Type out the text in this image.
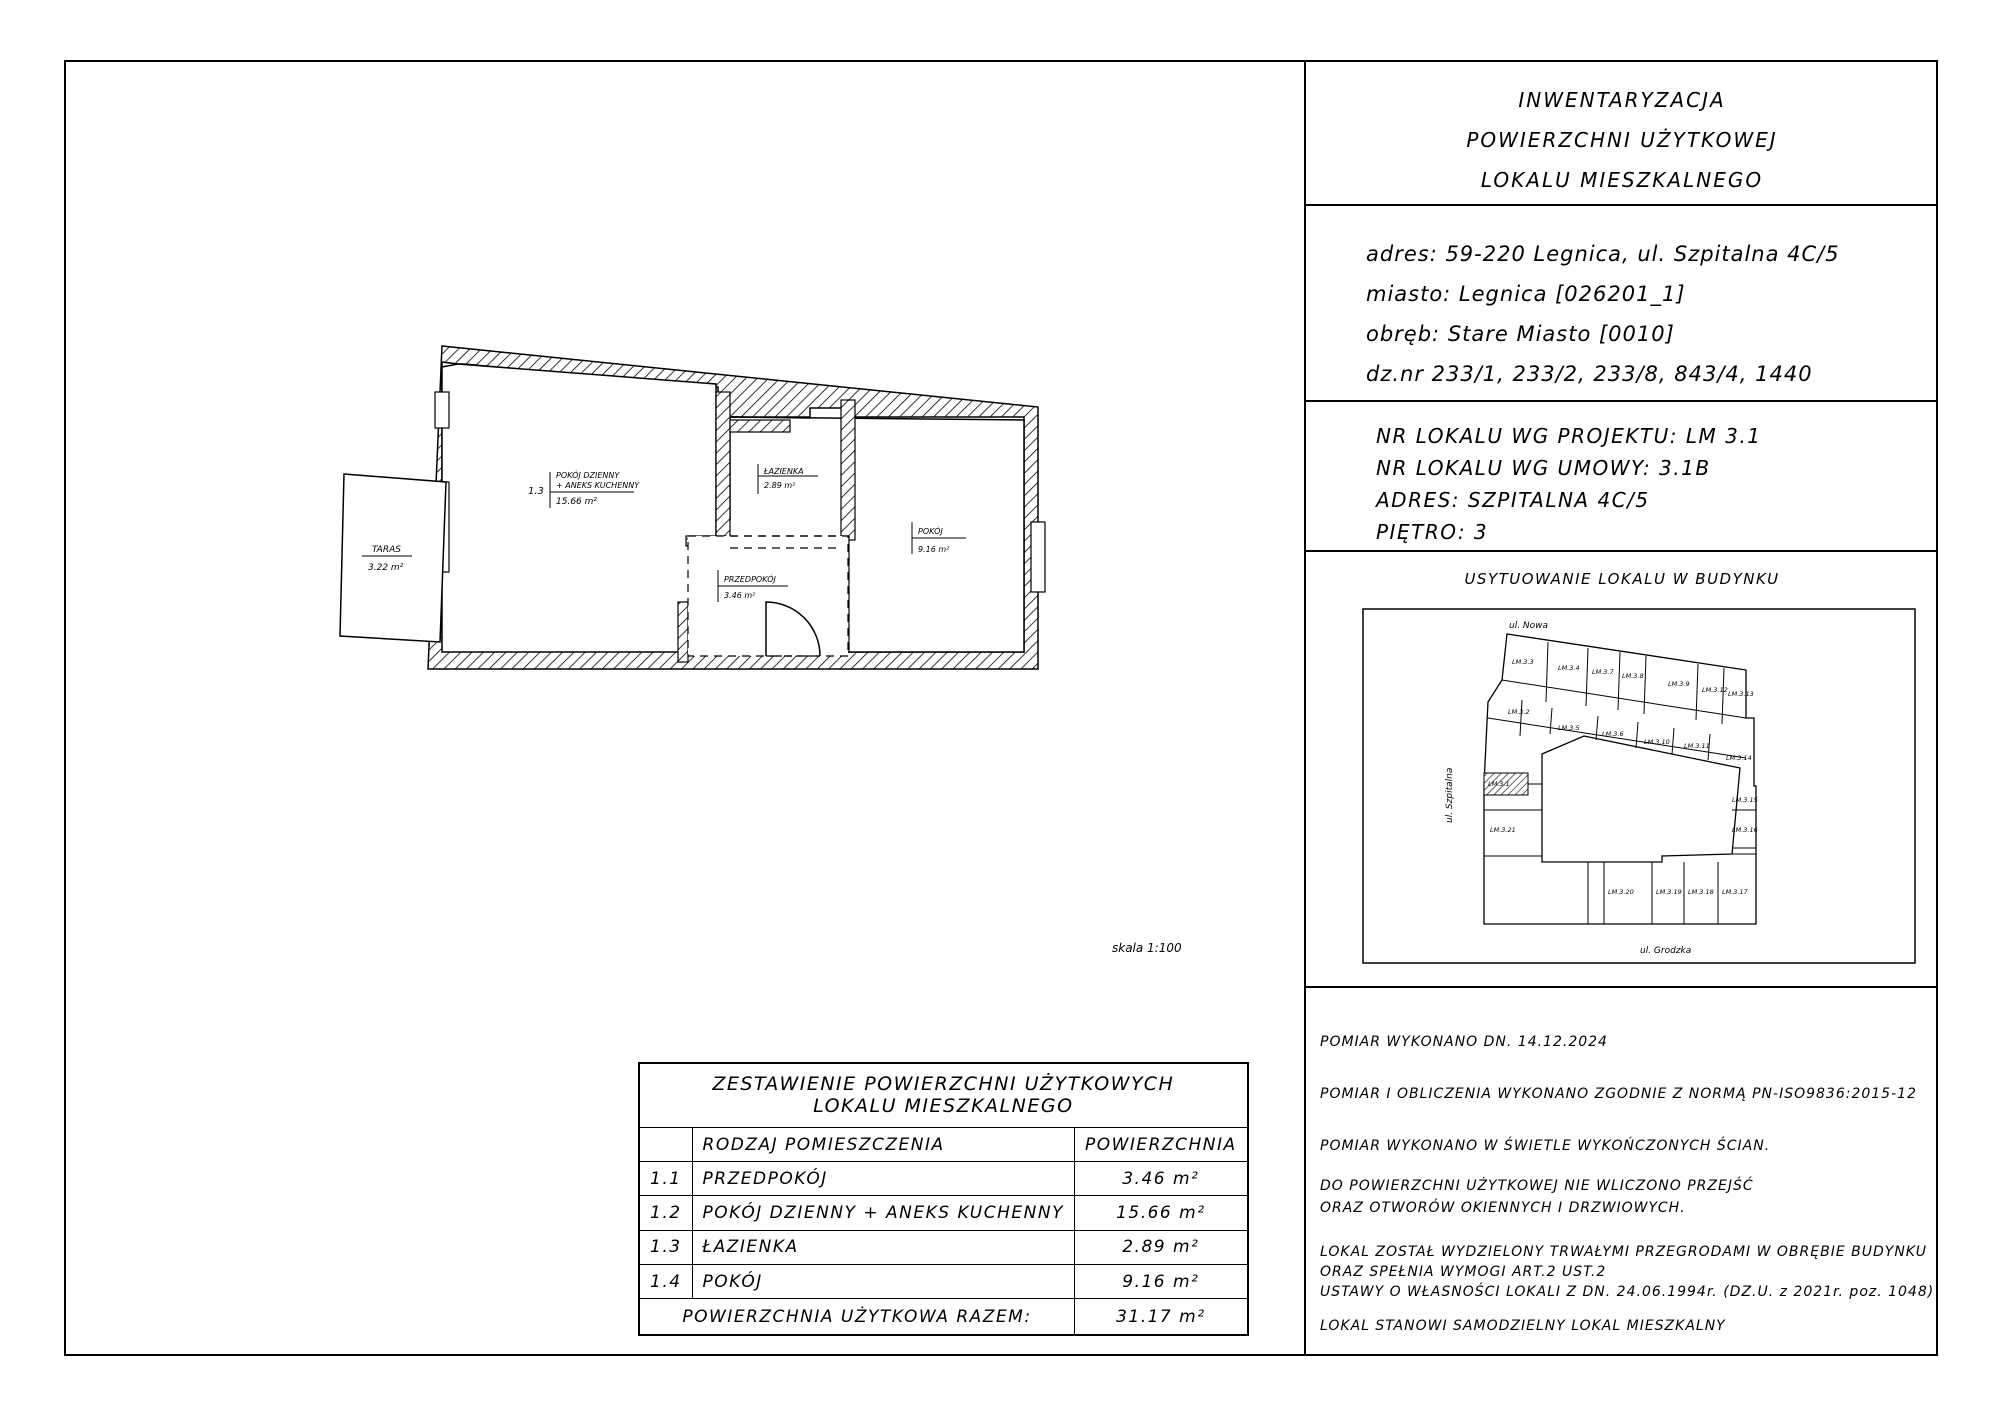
1.3
POKÓJ DZIENNY
+ ANEKS KUCHENNY
15.66 m²
ŁAZIENKA
2.89 m²
POKÓJ
9.16 m²
PRZEDPOKÓJ
3.46 m²
TARAS
3.22 m²
skala 1:100
ZESTAWIENIE POWIERZCHNI UŻYTKOWYCH
LOKALU MIESZKALNEGO		
	RODZAJ POMIESZCZENIA	POWIERZCHNIA
1.1	PRZEDPOKÓJ	3.46 m²
1.2	POKÓJ DZIENNY + ANEKS KUCHENNY	15.66 m²
1.3	ŁAZIENKA	2.89 m²
1.4	POKÓJ	9.16 m²
POWIERZCHNIA UŻYTKOWA RAZEM:		31.17 m²
INWENTARYZACJA
POWIERZCHNI UŻYTKOWEJ
LOKALU MIESZKALNEGO
adres: 59-220 Legnica, ul. Szpitalna 4C/5
miasto: Legnica [026201_1]
obręb: Stare Miasto [0010]
dz.nr 233/1, 233/2, 233/8, 843/4, 1440
NR LOKALU WG PROJEKTU: LM 3.1
NR LOKALU WG UMOWY: 3.1B
ADRES: SZPITALNA 4C/5
PIĘTRO: 3
USYTUOWANIE LOKALU W BUDYNKU
ul. Nowa
ul. Grodzka
ul. Szpitalna
LM.3.3
LM.3.4 LM.3.7 LM.3.8
LM.3.9
LM.3.12 LM.3.13
LM.3.2
LM.3.5
LM.3.6
LM.3.10 LM.3.11
LM.3.14
LM.3.1
LM.3.15
LM.3.21	LM.3.16
LM.3.20	LM.3.19 LM.3.18 LM.3.17
POMIAR WYKONANO DN. 14.12.2024
POMIAR I OBLICZENIA WYKONANO ZGODNIE Z NORMĄ PN-ISO9836:2015-12
POMIAR WYKONANO W ŚWIETLE WYKOŃCZONYCH ŚCIAN.
DO POWIERZCHNI UŻYTKOWEJ NIE WLICZONO PRZEJŚĆ
ORAZ OTWORÓW OKIENNYCH I DRZWIOWYCH.
LOKAL ZOSTAŁ WYDZIELONY TRWAŁYMI PRZEGRODAMI W OBRĘBIE BUDYNKU
ORAZ SPEŁNIA WYMOGI ART.2 UST.2
USTAWY O WŁASNOŚCI LOKALI Z DN. 24.06.1994r. (DZ.U. z 2021r. poz. 1048)
LOKAL STANOWI SAMODZIELNY LOKAL MIESZKALNY
